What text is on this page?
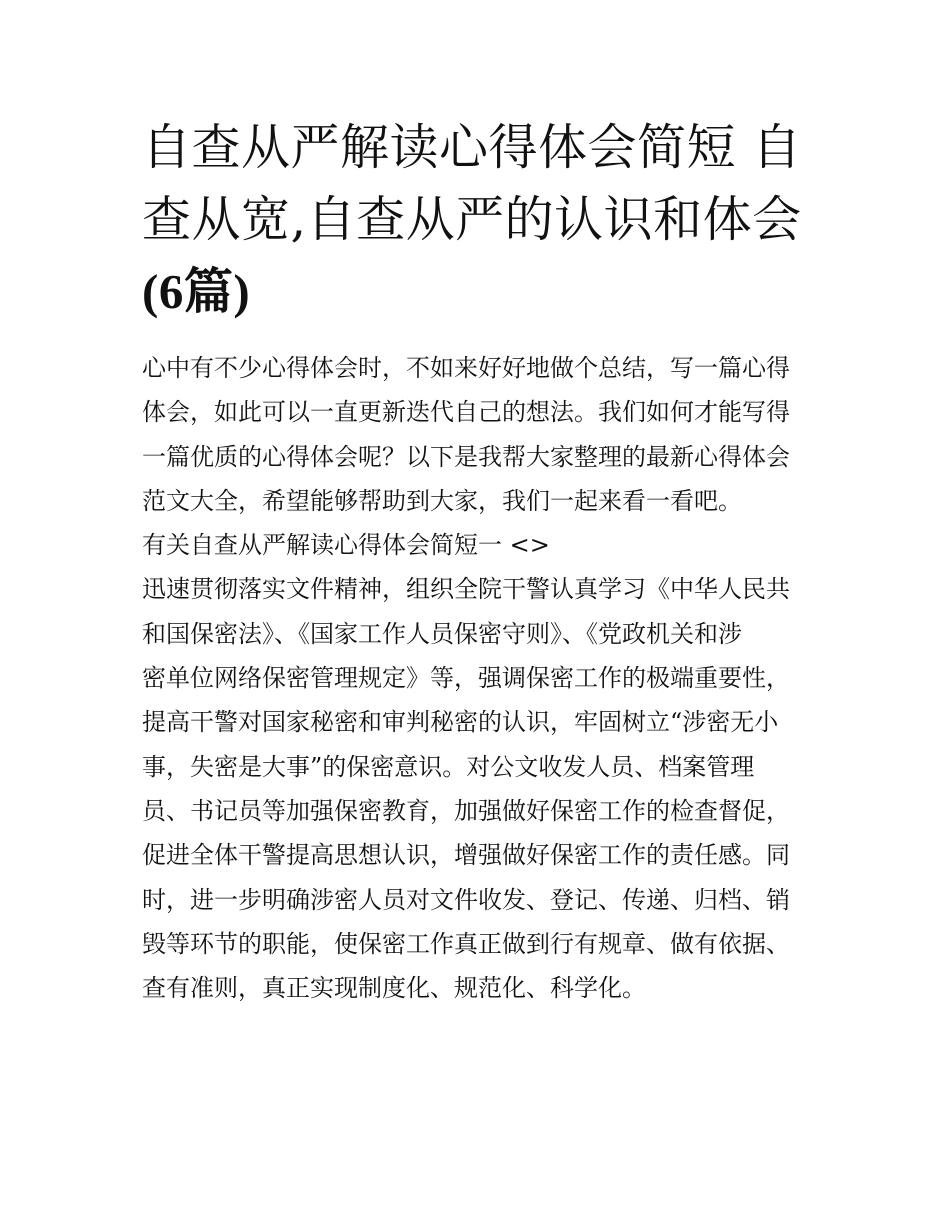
自查从严解读心得体会简短 自
查从宽,自查从严的认识和体会
(6篇)
心中有不少心得体会时，不如来好好地做个总结，写一篇心得
体会，如此可以一直更新迭代自己的想法。我们如何才能写得
一篇优质的心得体会呢？以下是我帮大家整理的最新心得体会
范文大全，希望能够帮助到大家，我们一起来看一看吧。
有关自查从严解读心得体会简短一 <>
迅速贯彻落实文件精神，组织全院干警认真学习《中华人民共
和国保密法》、《国家工作人员保密守则》、《党政机关和涉
密单位网络保密管理规定》等，强调保密工作的极端重要性，
提高干警对国家秘密和审判秘密的认识，牢固树立“涉密无小
事，失密是大事”的保密意识。对公文收发人员、档案管理
员、书记员等加强保密教育，加强做好保密工作的检查督促，
促进全体干警提高思想认识，增强做好保密工作的责任感。同
时，进一步明确涉密人员对文件收发、登记、传递、归档、销
毁等环节的职能，使保密工作真正做到行有规章、做有依据、
查有准则，真正实现制度化、规范化、科学化。
